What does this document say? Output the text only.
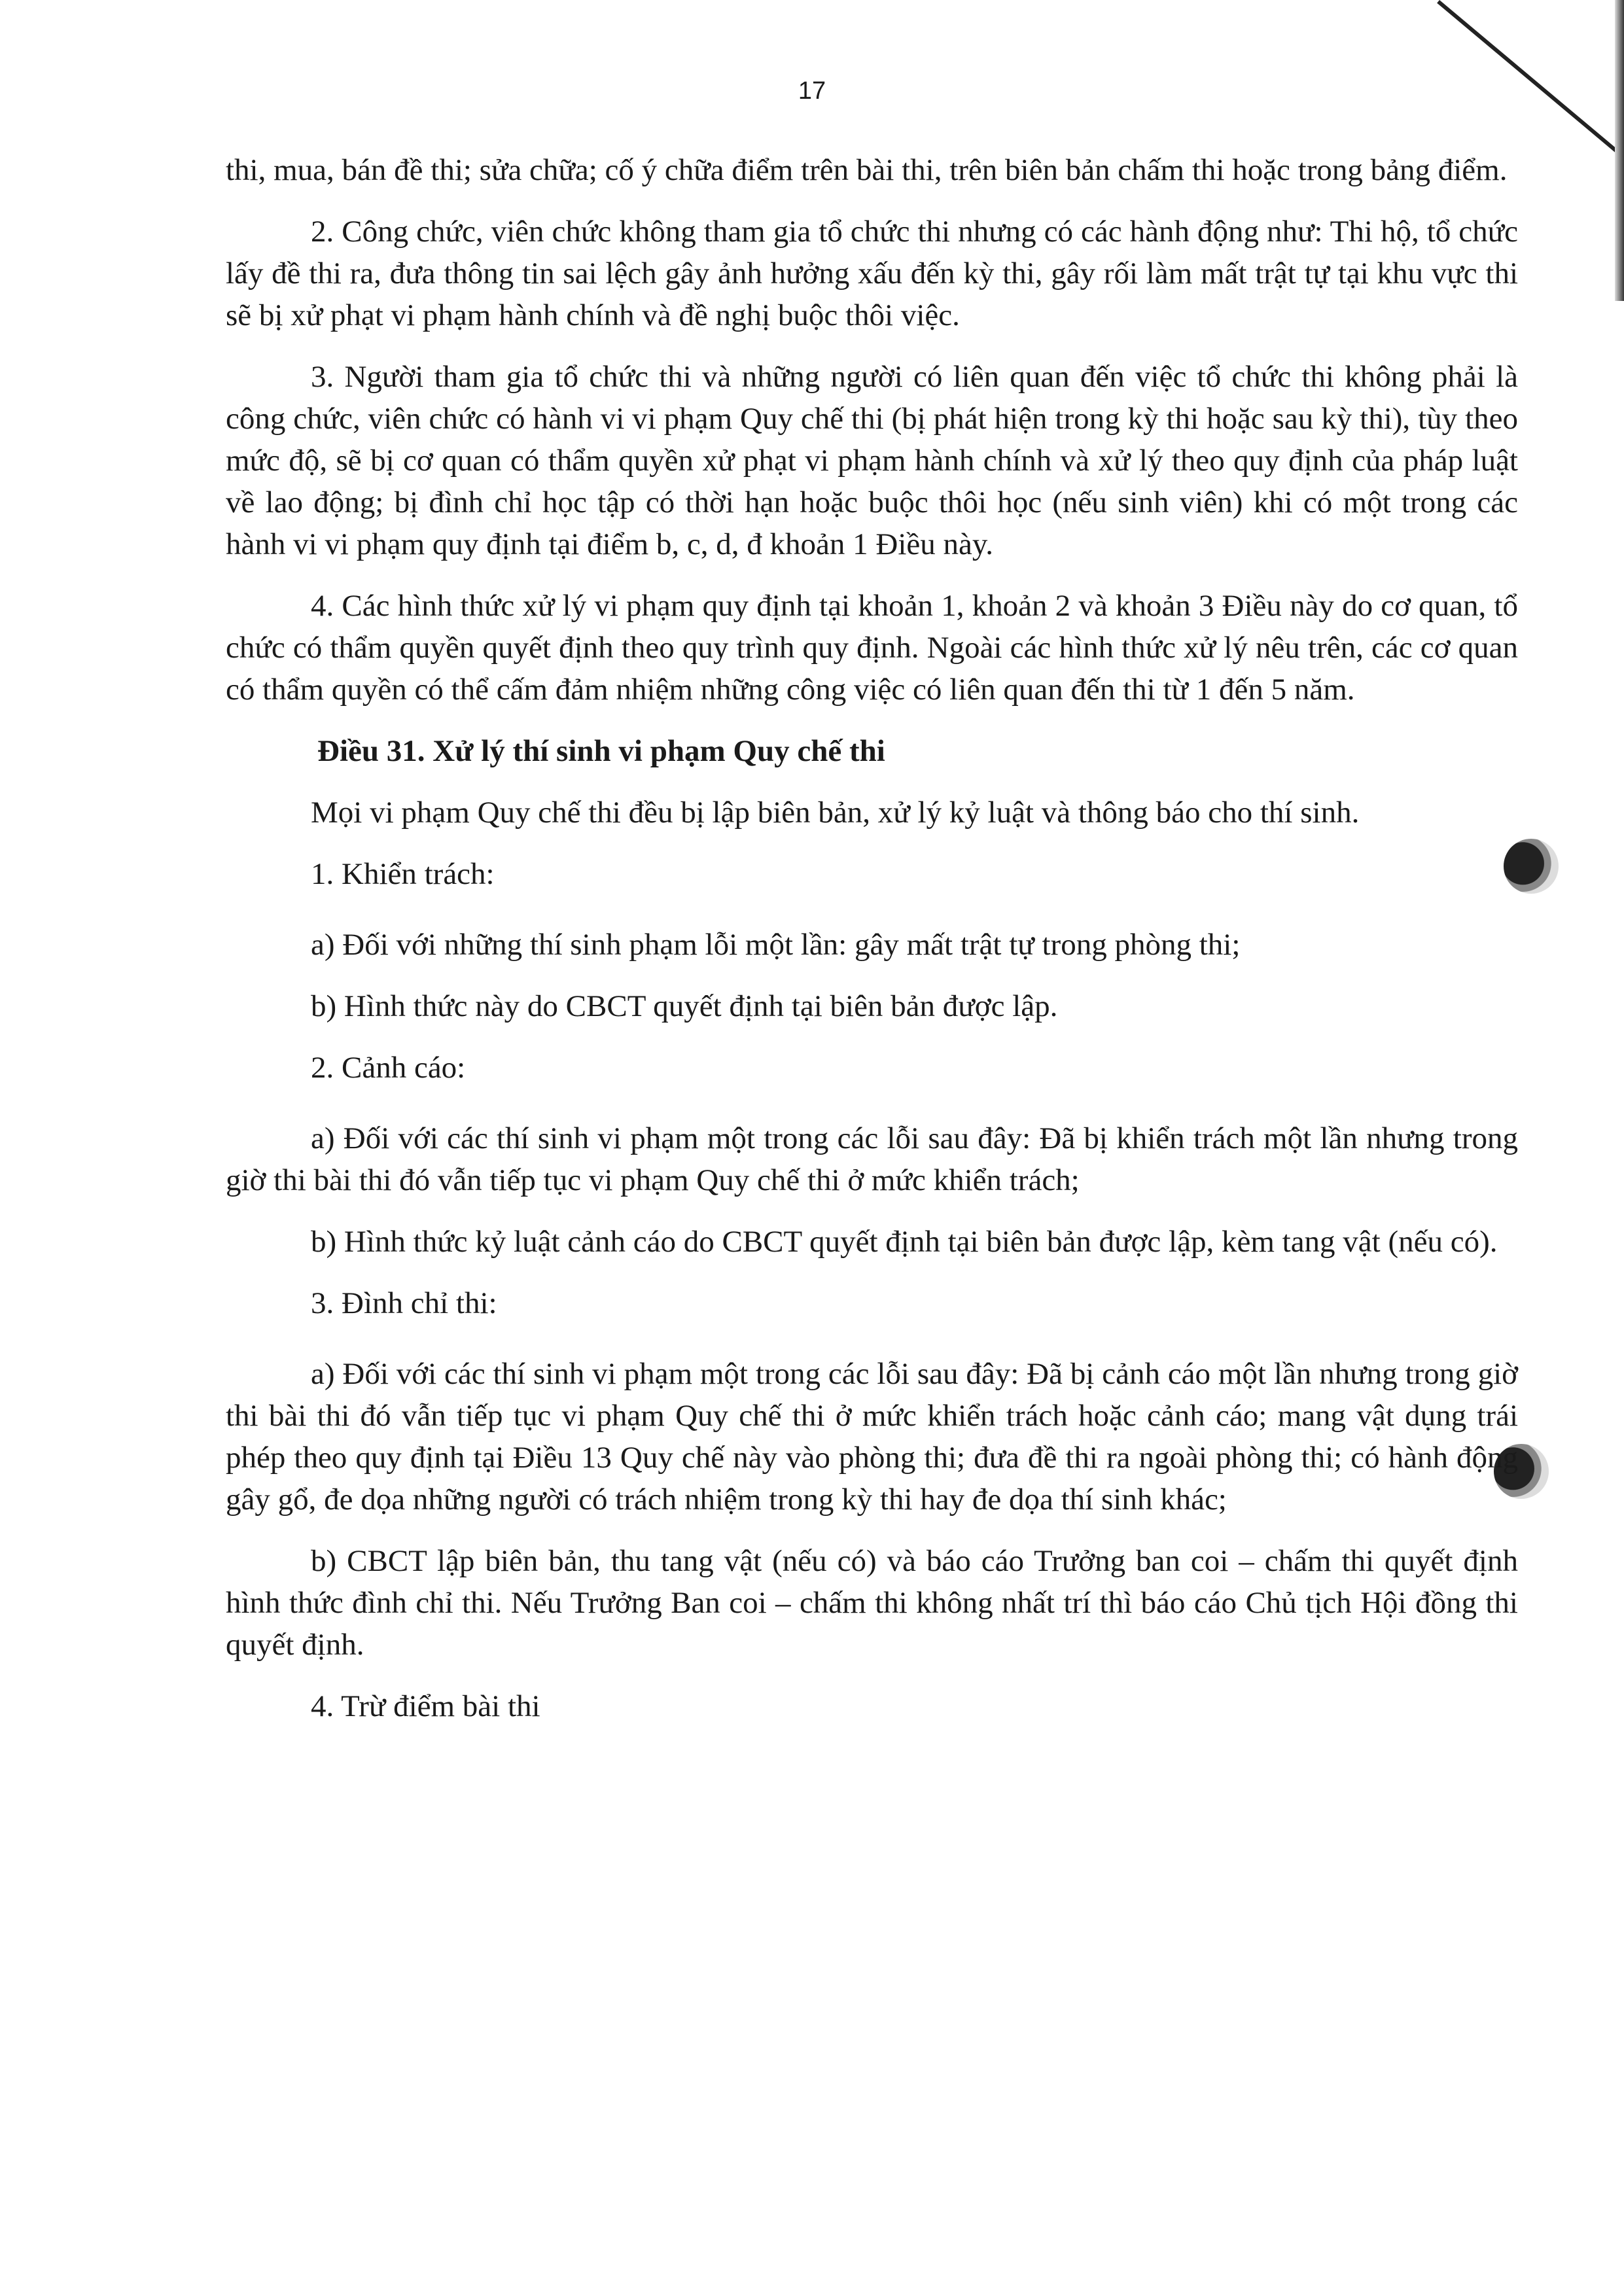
17

thi, mua, bán đề thi; sửa chữa; cố ý chữa điểm trên bài thi, trên biên bản chấm thi hoặc trong bảng điểm.

2. Công chức, viên chức không tham gia tổ chức thi nhưng có các hành động như: Thi hộ, tổ chức lấy đề thi ra, đưa thông tin sai lệch gây ảnh hưởng xấu đến kỳ thi, gây rối làm mất trật tự tại khu vực thi sẽ bị xử phạt vi phạm hành chính và đề nghị buộc thôi việc.

3. Người tham gia tổ chức thi và những người có liên quan đến việc tổ chức thi không phải là công chức, viên chức có hành vi vi phạm Quy chế thi (bị phát hiện trong kỳ thi hoặc sau kỳ thi), tùy theo mức độ, sẽ bị cơ quan có thẩm quyền xử phạt vi phạm hành chính và xử lý theo quy định của pháp luật về lao động; bị đình chỉ học tập có thời hạn hoặc buộc thôi học (nếu sinh viên) khi có một trong các hành vi vi phạm quy định tại điểm b, c, d, đ khoản 1 Điều này.

4. Các hình thức xử lý vi phạm quy định tại khoản 1, khoản 2 và khoản 3 Điều này do cơ quan, tổ chức có thẩm quyền quyết định theo quy trình quy định. Ngoài các hình thức xử lý nêu trên, các cơ quan có thẩm quyền có thể cấm đảm nhiệm những công việc có liên quan đến thi từ 1 đến 5 năm.

Điều 31. Xử lý thí sinh vi phạm Quy chế thi

Mọi vi phạm Quy chế thi đều bị lập biên bản, xử lý kỷ luật và thông báo cho thí sinh.

1. Khiển trách:

a) Đối với những thí sinh phạm lỗi một lần: gây mất trật tự trong phòng thi;

b) Hình thức này do CBCT quyết định tại biên bản được lập.

2. Cảnh cáo:

a) Đối với các thí sinh vi phạm một trong các lỗi sau đây: Đã bị khiển trách một lần nhưng trong giờ thi bài thi đó vẫn tiếp tục vi phạm Quy chế thi ở mức khiển trách;

b) Hình thức kỷ luật cảnh cáo do CBCT quyết định tại biên bản được lập, kèm tang vật (nếu có).

3. Đình chỉ thi:

a) Đối với các thí sinh vi phạm một trong các lỗi sau đây: Đã bị cảnh cáo một lần nhưng trong giờ thi bài thi đó vẫn tiếp tục vi phạm Quy chế thi ở mức khiển trách hoặc cảnh cáo; mang vật dụng trái phép theo quy định tại Điều 13 Quy chế này vào phòng thi; đưa đề thi ra ngoài phòng thi; có hành động gây gổ, đe dọa những người có trách nhiệm trong kỳ thi hay đe dọa thí sinh khác;

b) CBCT lập biên bản, thu tang vật (nếu có) và báo cáo Trưởng ban coi – chấm thi quyết định hình thức đình chỉ thi. Nếu Trưởng Ban coi – chấm thi không nhất trí thì báo cáo Chủ tịch Hội đồng thi quyết định.

4. Trừ điểm bài thi
